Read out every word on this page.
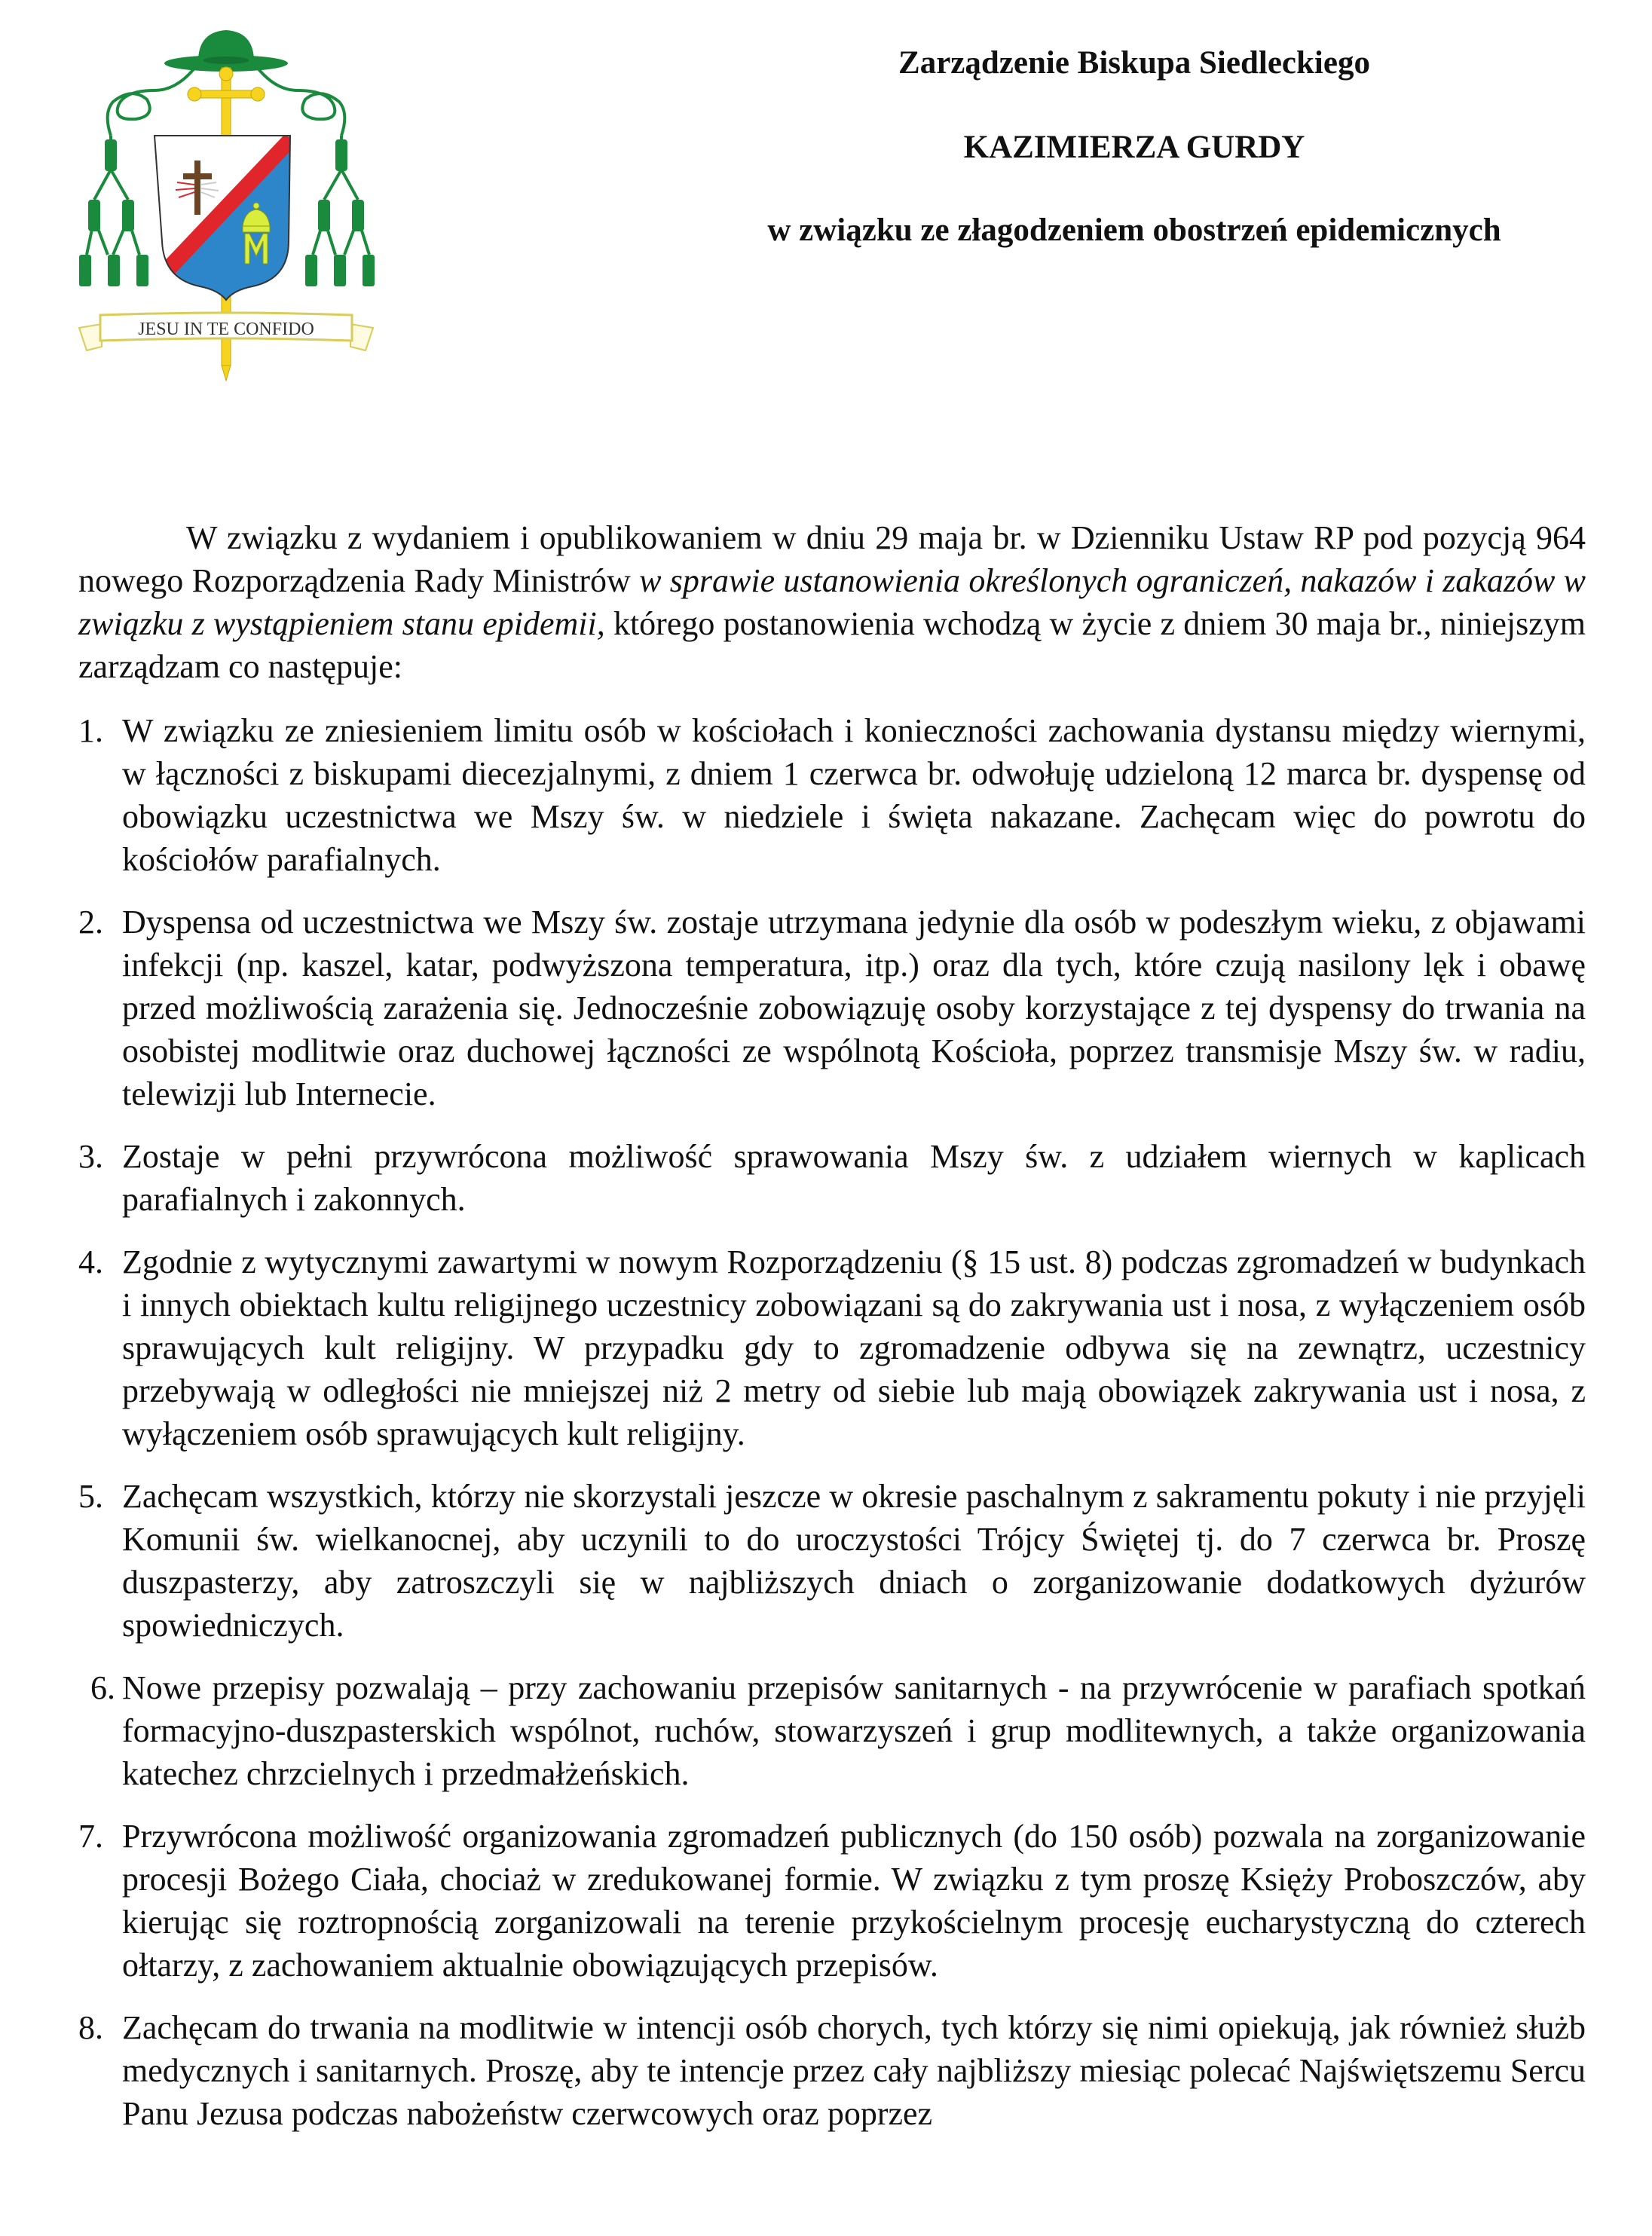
JESU IN TE CONFIDO
Zarządzenie Biskupa Siedleckiego
KAZIMIERZA GURDY
w związku ze złagodzeniem obostrzeń epidemicznych

W związku z wydaniem i opublikowaniem w dniu 29 maja br. w Dzienniku Ustaw RP pod pozycją 964 nowego Rozporządzenia Rady Ministrów w sprawie ustanowienia określonych ograniczeń, nakazów i zakazów w związku z wystąpieniem stanu epidemii, którego postanowienia wchodzą w życie z dniem 30 maja br., niniejszym zarządzam co następuje:

1. W związku ze zniesieniem limitu osób w kościołach i konieczności zachowania dystansu między wiernymi, w łączności z biskupami diecezjalnymi, z dniem 1 czerwca br. odwołuję udzieloną 12 marca br. dyspensę od obowiązku uczestnictwa we Mszy św. w niedziele i święta nakazane. Zachęcam więc do powrotu do kościołów parafialnych.
2. Dyspensa od uczestnictwa we Mszy św. zostaje utrzymana jedynie dla osób w podeszłym wieku, z objawami infekcji (np. kaszel, katar, podwyższona temperatura, itp.) oraz dla tych, które czują nasilony lęk i obawę przed możliwością zarażenia się. Jednocześnie zobowiązuję osoby korzystające z tej dyspensy do trwania na osobistej modlitwie oraz duchowej łączności ze wspólnotą Kościoła, poprzez transmisje Mszy św. w radiu, telewizji lub Internecie.
3. Zostaje w pełni przywrócona możliwość sprawowania Mszy św. z udziałem wiernych w kaplicach parafialnych i zakonnych.
4. Zgodnie z wytycznymi zawartymi w nowym Rozporządzeniu (§ 15 ust. 8) podczas zgromadzeń w budynkach i innych obiektach kultu religijnego uczestnicy zobowiązani są do zakrywania ust i nosa, z wyłączeniem osób sprawujących kult religijny. W przypadku gdy to zgromadzenie odbywa się na zewnątrz, uczestnicy przebywają w odległości nie mniejszej niż 2 metry od siebie lub mają obowiązek zakrywania ust i nosa, z wyłączeniem osób sprawujących kult religijny.
5. Zachęcam wszystkich, którzy nie skorzystali jeszcze w okresie paschalnym z sakramentu pokuty i nie przyjęli Komunii św. wielkanocnej, aby uczynili to do uroczystości Trójcy Świętej tj. do 7 czerwca br. Proszę duszpasterzy, aby zatroszczyli się w najbliższych dniach o zorganizowanie dodatkowych dyżurów spowiedniczych.
6. Nowe przepisy pozwalają – przy zachowaniu przepisów sanitarnych - na przywrócenie w parafiach spotkań formacyjno-duszpasterskich wspólnot, ruchów, stowarzyszeń i grup modlitewnych, a także organizowania katechez chrzcielnych i przedmałżeńskich.
7. Przywrócona możliwość organizowania zgromadzeń publicznych (do 150 osób) pozwala na zorganizowanie procesji Bożego Ciała, chociaż w zredukowanej formie. W związku z tym proszę Księży Proboszczów, aby kierując się roztropnością zorganizowali na terenie przykościelnym procesję eucharystyczną do czterech ołtarzy, z zachowaniem aktualnie obowiązujących przepisów.
8. Zachęcam do trwania na modlitwie w intencji osób chorych, tych którzy się nimi opiekują, jak również służb medycznych i sanitarnych. Proszę, aby te intencje przez cały najbliższy miesiąc polecać Najświętszemu Sercu Panu Jezusa podczas nabożeństw czerwcowych oraz poprzez
